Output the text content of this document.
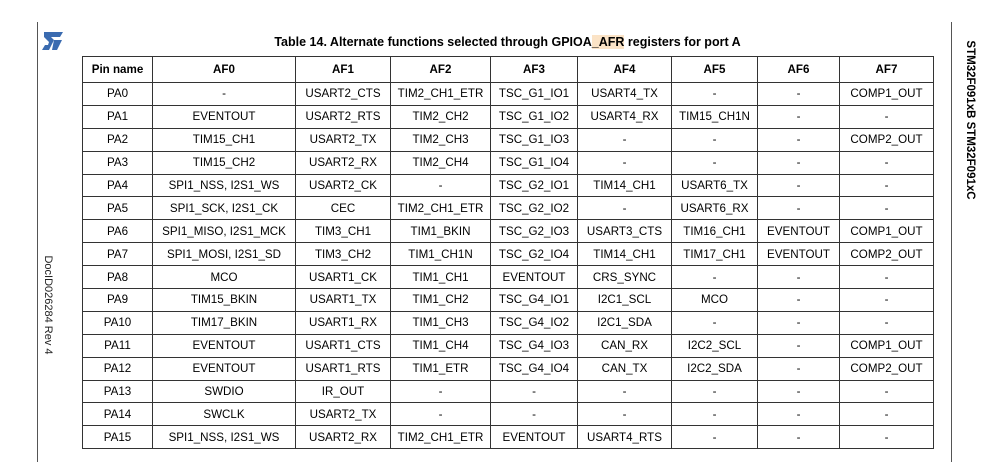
DocID026284 Rev 4
STM32F091xB STM32F091xC
Table 14. Alternate functions selected through GPIOA_AFR registers for port A
Pin name	AF0	AF1	AF2	AF3	AF4	AF5	AF6	AF7
PA0	-	USART2_CTS	TIM2_CH1_ETR	TSC_G1_IO1	USART4_TX	-	-	COMP1_OUT
PA1	EVENTOUT	USART2_RTS	TIM2_CH2	TSC_G1_IO2	USART4_RX	TIM15_CH1N	-	-
PA2	TIM15_CH1	USART2_TX	TIM2_CH3	TSC_G1_IO3	-	-	-	COMP2_OUT
PA3	TIM15_CH2	USART2_RX	TIM2_CH4	TSC_G1_IO4	-	-	-	-
PA4	SPI1_NSS, I2S1_WS	USART2_CK	-	TSC_G2_IO1	TIM14_CH1	USART6_TX	-	-
PA5	SPI1_SCK, I2S1_CK	CEC	TIM2_CH1_ETR	TSC_G2_IO2	-	USART6_RX	-	-
PA6	SPI1_MISO, I2S1_MCK	TIM3_CH1	TIM1_BKIN	TSC_G2_IO3	USART3_CTS	TIM16_CH1	EVENTOUT	COMP1_OUT
PA7	SPI1_MOSI, I2S1_SD	TIM3_CH2	TIM1_CH1N	TSC_G2_IO4	TIM14_CH1	TIM17_CH1	EVENTOUT	COMP2_OUT
PA8	MCO	USART1_CK	TIM1_CH1	EVENTOUT	CRS_SYNC	-	-	-
PA9	TIM15_BKIN	USART1_TX	TIM1_CH2	TSC_G4_IO1	I2C1_SCL	MCO	-	-
PA10	TIM17_BKIN	USART1_RX	TIM1_CH3	TSC_G4_IO2	I2C1_SDA	-	-	-
PA11	EVENTOUT	USART1_CTS	TIM1_CH4	TSC_G4_IO3	CAN_RX	I2C2_SCL	-	COMP1_OUT
PA12	EVENTOUT	USART1_RTS	TIM1_ETR	TSC_G4_IO4	CAN_TX	I2C2_SDA	-	COMP2_OUT
PA13	SWDIO	IR_OUT	-	-	-	-	-	-
PA14	SWCLK	USART2_TX	-	-	-	-	-	-
PA15	SPI1_NSS, I2S1_WS	USART2_RX	TIM2_CH1_ETR	EVENTOUT	USART4_RTS	-	-	-
